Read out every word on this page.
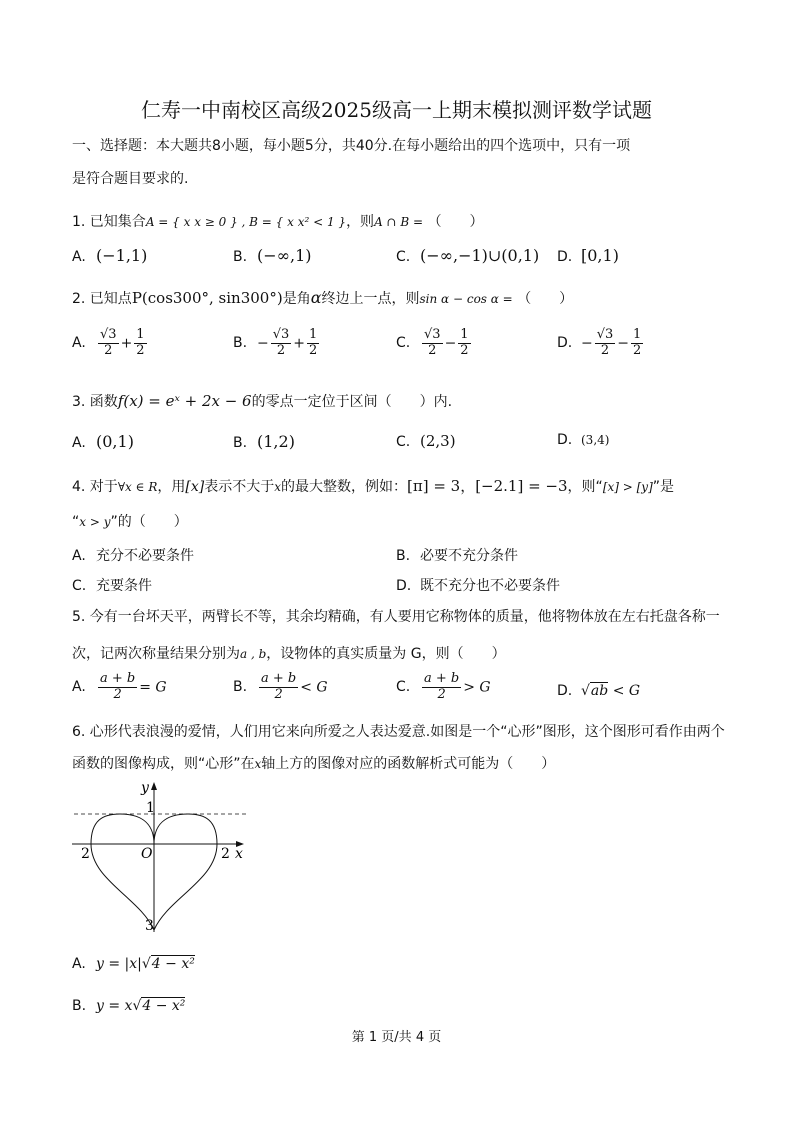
仁寿一中南校区高级2025级高一上期末模拟测评数学试题
一、选择题：本大题共8小题，每小题5分，共40分.在每小题给出的四个选项中，只有一项
是符合题目要求的.
1. 已知集合A = { x x ≥ 0 } , B = { x x² < 1 }，则A ∩ B = （　　）
A. (−1,1)	B. (−∞,1)	C. (−∞,−1)∪(0,1) D. [0,1)
2. 已知点P(cos300°, sin300°)是角α终边上一点，则sin α − cos α = （　　）
A. $\frac{√3}{2} + \frac{1}{2}$	B. − $\frac{√3}{2} + \frac{1}{2}$	C. $\frac{√3}{2} - \frac{1}{2}$	D. − $\frac{√3}{2} - \frac{1}{2}$
3. 函数f(x) = eˣ + 2x − 6的零点一定位于区间（　　）内.
A. (0,1)	B. (1,2)	C. (2,3)	D. (3,4)
4. 对于∀x ∈ R，用[x]表示不大于x的最大整数，例如：[π] = 3，[−2.1] = −3，则“[x] > [y]”是
“x > y”的（　　）
A. 充分不必要条件	B. 必要不充分条件
C. 充要条件	D. 既不充分也不必要条件
5. 今有一台坏天平，两臂长不等，其余均精确，有人要用它称物体的质量，他将物体放在左右托盘各称一
次，记两次称量结果分别为a , b，设物体的真实质量为 G，则（　　）
A. $\frac{a + b}{2} = G$	B. $\frac{a + b}{2} < G$	C. $\frac{a + b}{2} > G$	D. √ab < G
6. 心形代表浪漫的爱情，人们用它来向所爱之人表达爱意.如图是一个“心形”图形，这个图形可看作由两个
函数的图像构成，则“心形”在x轴上方的图像对应的函数解析式可能为（　　）
y
1
2	O	2 x
3
A. y = |x|√4 − x²
B. y = x√4 − x²
第 1 页/共 4 页
